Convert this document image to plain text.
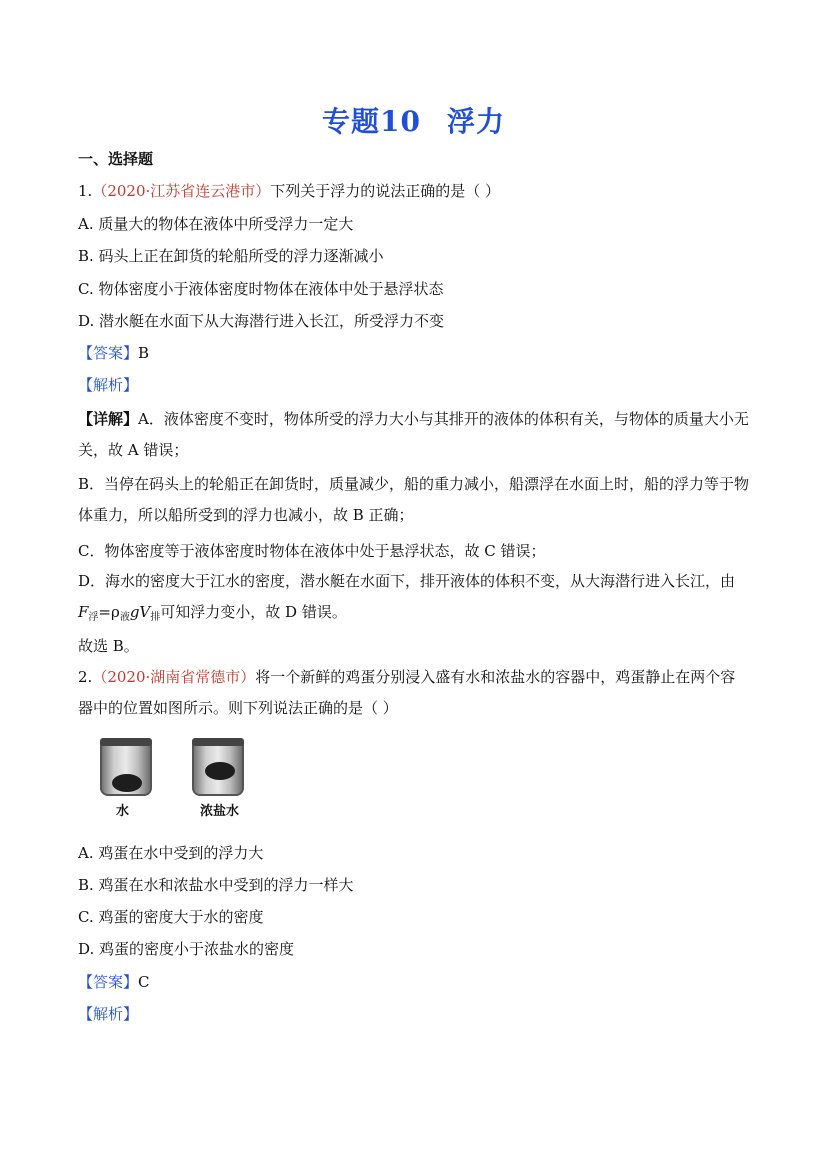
专题10 浮力
一、选择题
1.（2020·江苏省连云港市）下列关于浮力的说法正确的是（ ）
A. 质量大的物体在液体中所受浮力一定大
B. 码头上正在卸货的轮船所受的浮力逐渐减小
C. 物体密度小于液体密度时物体在液体中处于悬浮状态
D. 潜水艇在水面下从大海潜行进入长江，所受浮力不变
【答案】B
【解析】
【详解】A．液体密度不变时，物体所受的浮力大小与其排开的液体的体积有关，与物体的质量大小无关，故 A 错误；
B．当停在码头上的轮船正在卸货时，质量减少，船的重力减小，船漂浮在水面上时，船的浮力等于物体重力，所以船所受到的浮力也减小，故 B 正确；
C．物体密度等于液体密度时物体在液体中处于悬浮状态，故 C 错误；
D．海水的密度大于江水的密度，潜水艇在水面下，排开液体的体积不变，从大海潜行进入长江，由 $F_浮=\rho_液gV_排$可知浮力变小，故 D 错误。
故选 B。
2.（2020·湖南省常德市）将一个新鲜的鸡蛋分别浸入盛有水和浓盐水的容器中，鸡蛋静止在两个容器中的位置如图所示。则下列说法正确的是（ ）
水	浓盐水
A. 鸡蛋在水中受到的浮力大
B. 鸡蛋在水和浓盐水中受到的浮力一样大
C. 鸡蛋的密度大于水的密度
D. 鸡蛋的密度小于浓盐水的密度
【答案】C
【解析】
